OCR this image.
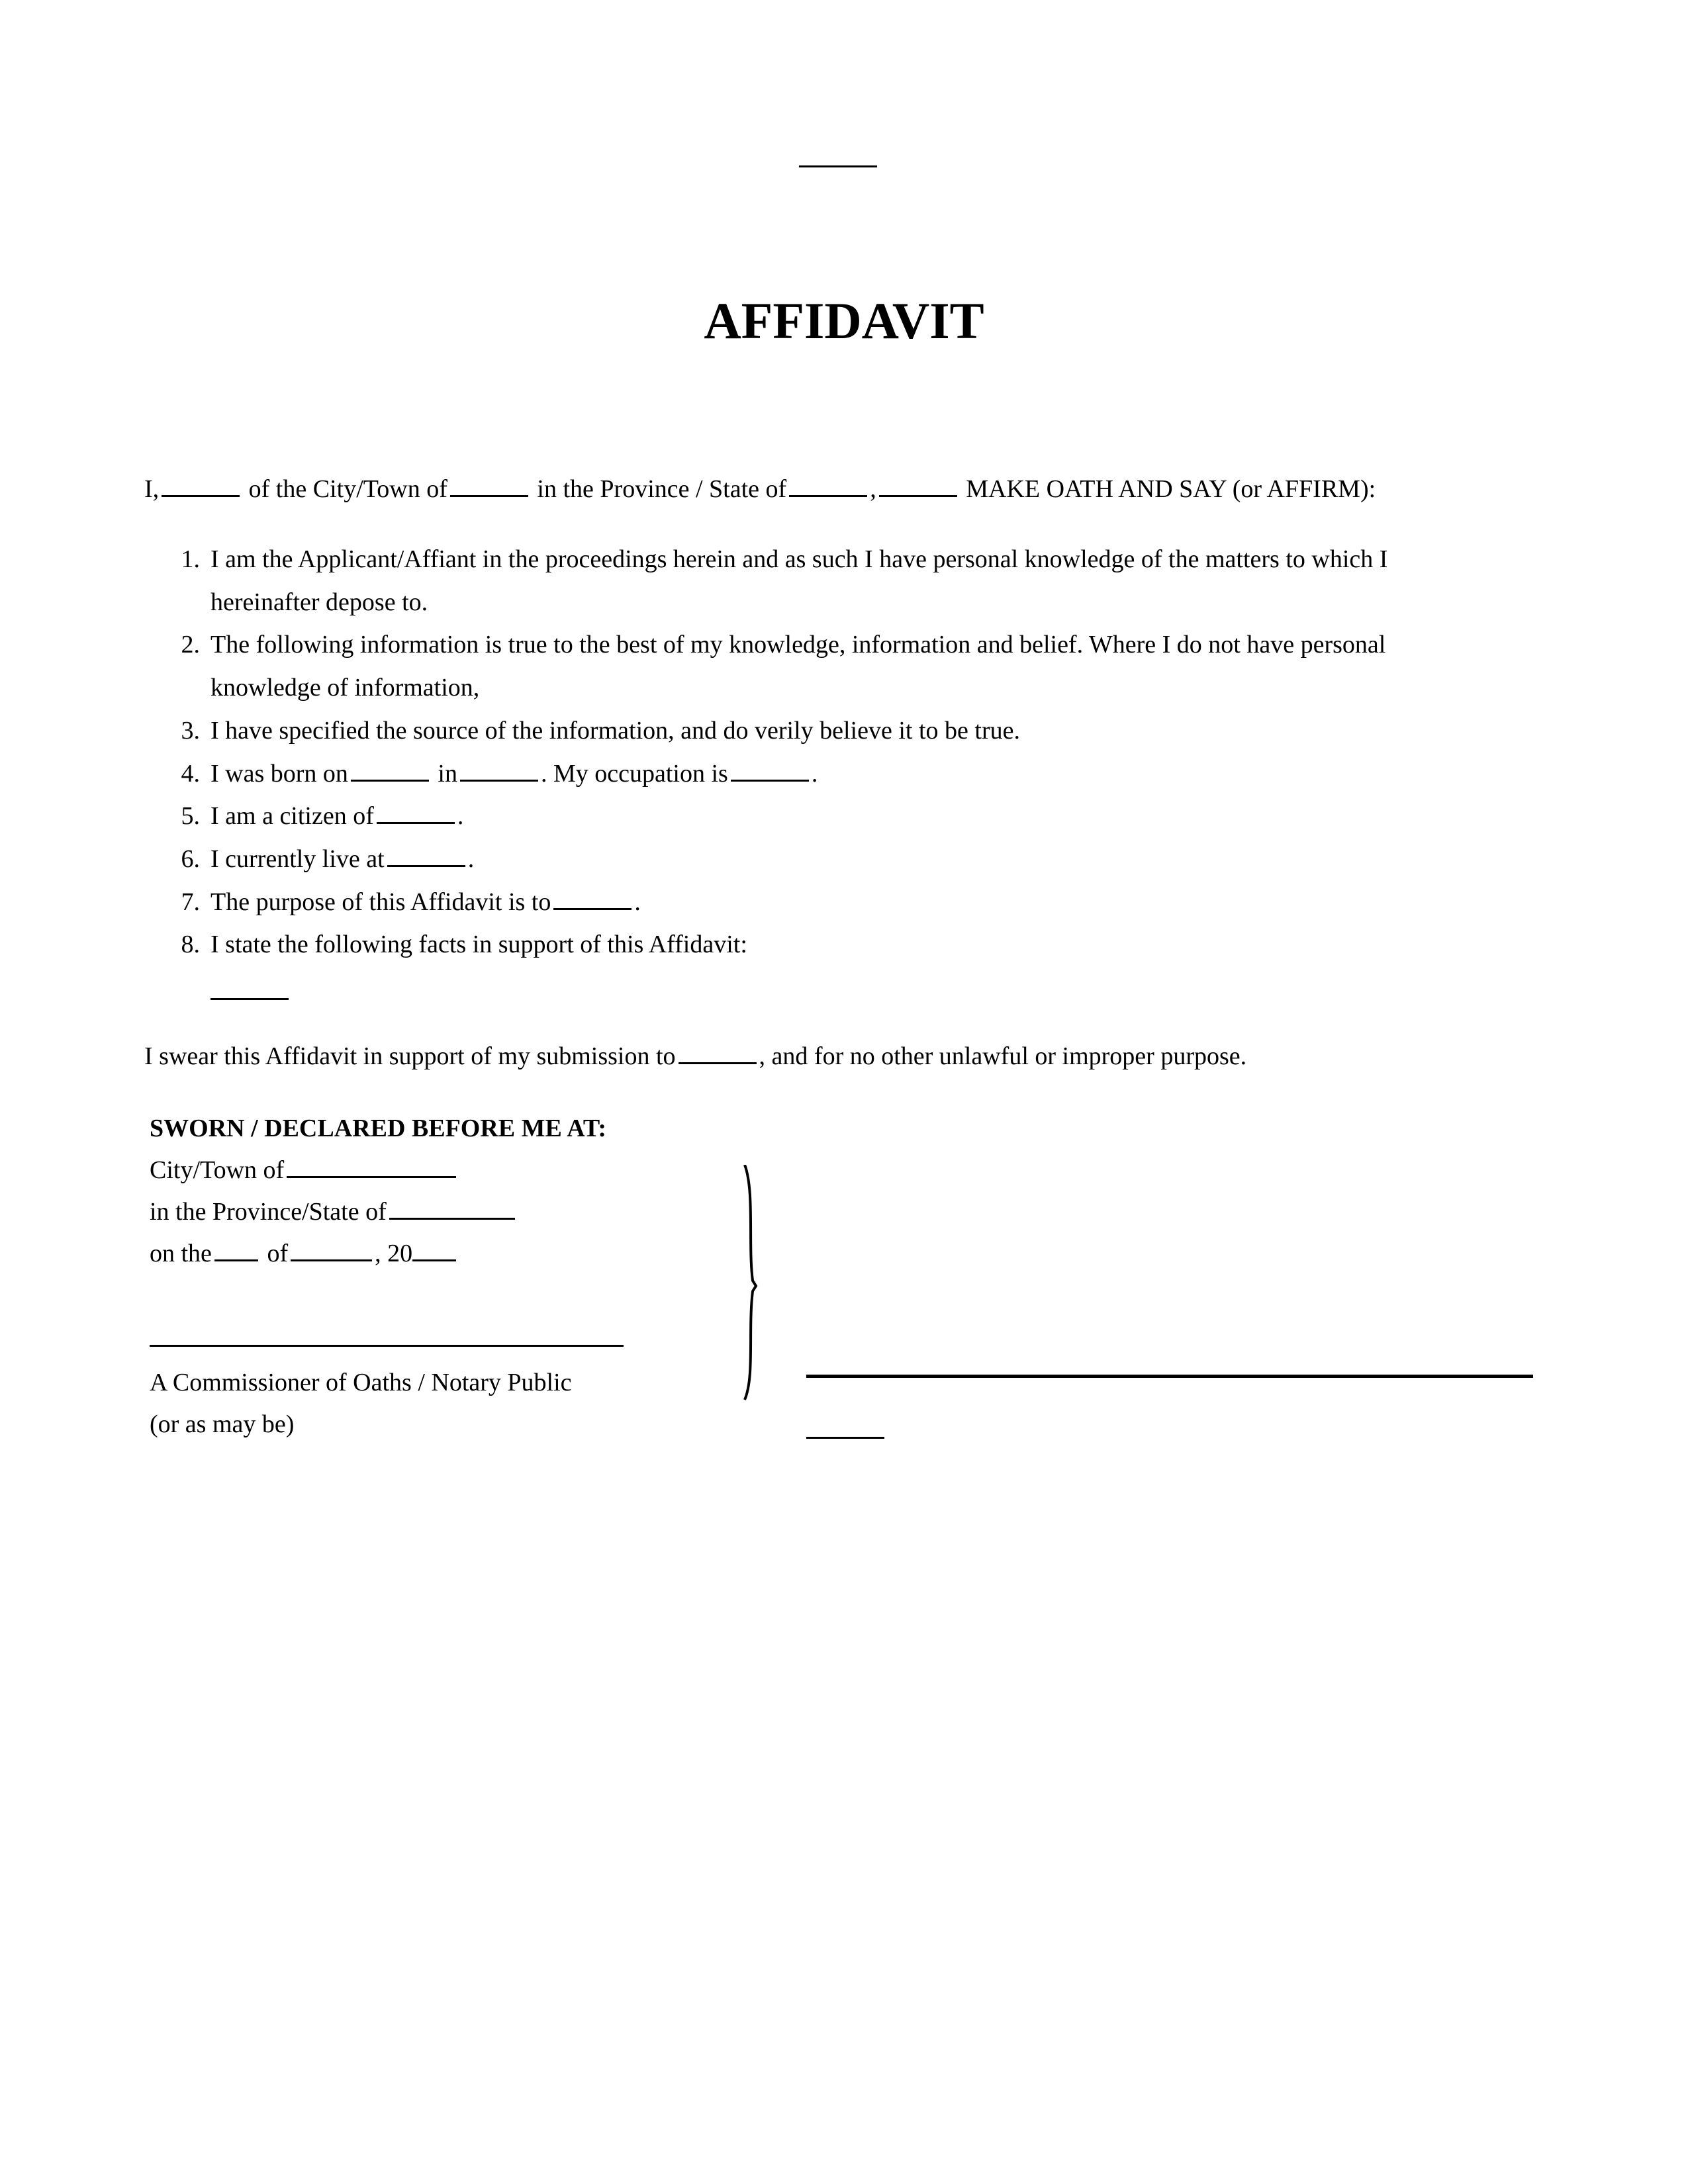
AFFIDAVIT
I,	of the City/Town of	in the Province / State of	,	MAKE OATH AND SAY (or AFFIRM):
1. I am the Applicant/Affiant in the proceedings herein and as such I have personal knowledge of the matters to which I
hereinafter depose to.
2. The following information is true to the best of my knowledge, information and belief. Where I do not have personal
knowledge of information,
3. I have specified the source of the information, and do verily believe it to be true.
4. I was born on	in	. My occupation is	.
5. I am a citizen of	.
6. I currently live at	.
7. The purpose of this Affidavit is to	.
8. I state the following facts in support of this Affidavit:
I swear this Affidavit in support of my submission to	, and for no other unlawful or improper purpose.
SWORN / DECLARED BEFORE ME AT:
City/Town of
in the Province/State of
on the of	, 20
A Commissioner of Oaths / Notary Public
(or as may be)
